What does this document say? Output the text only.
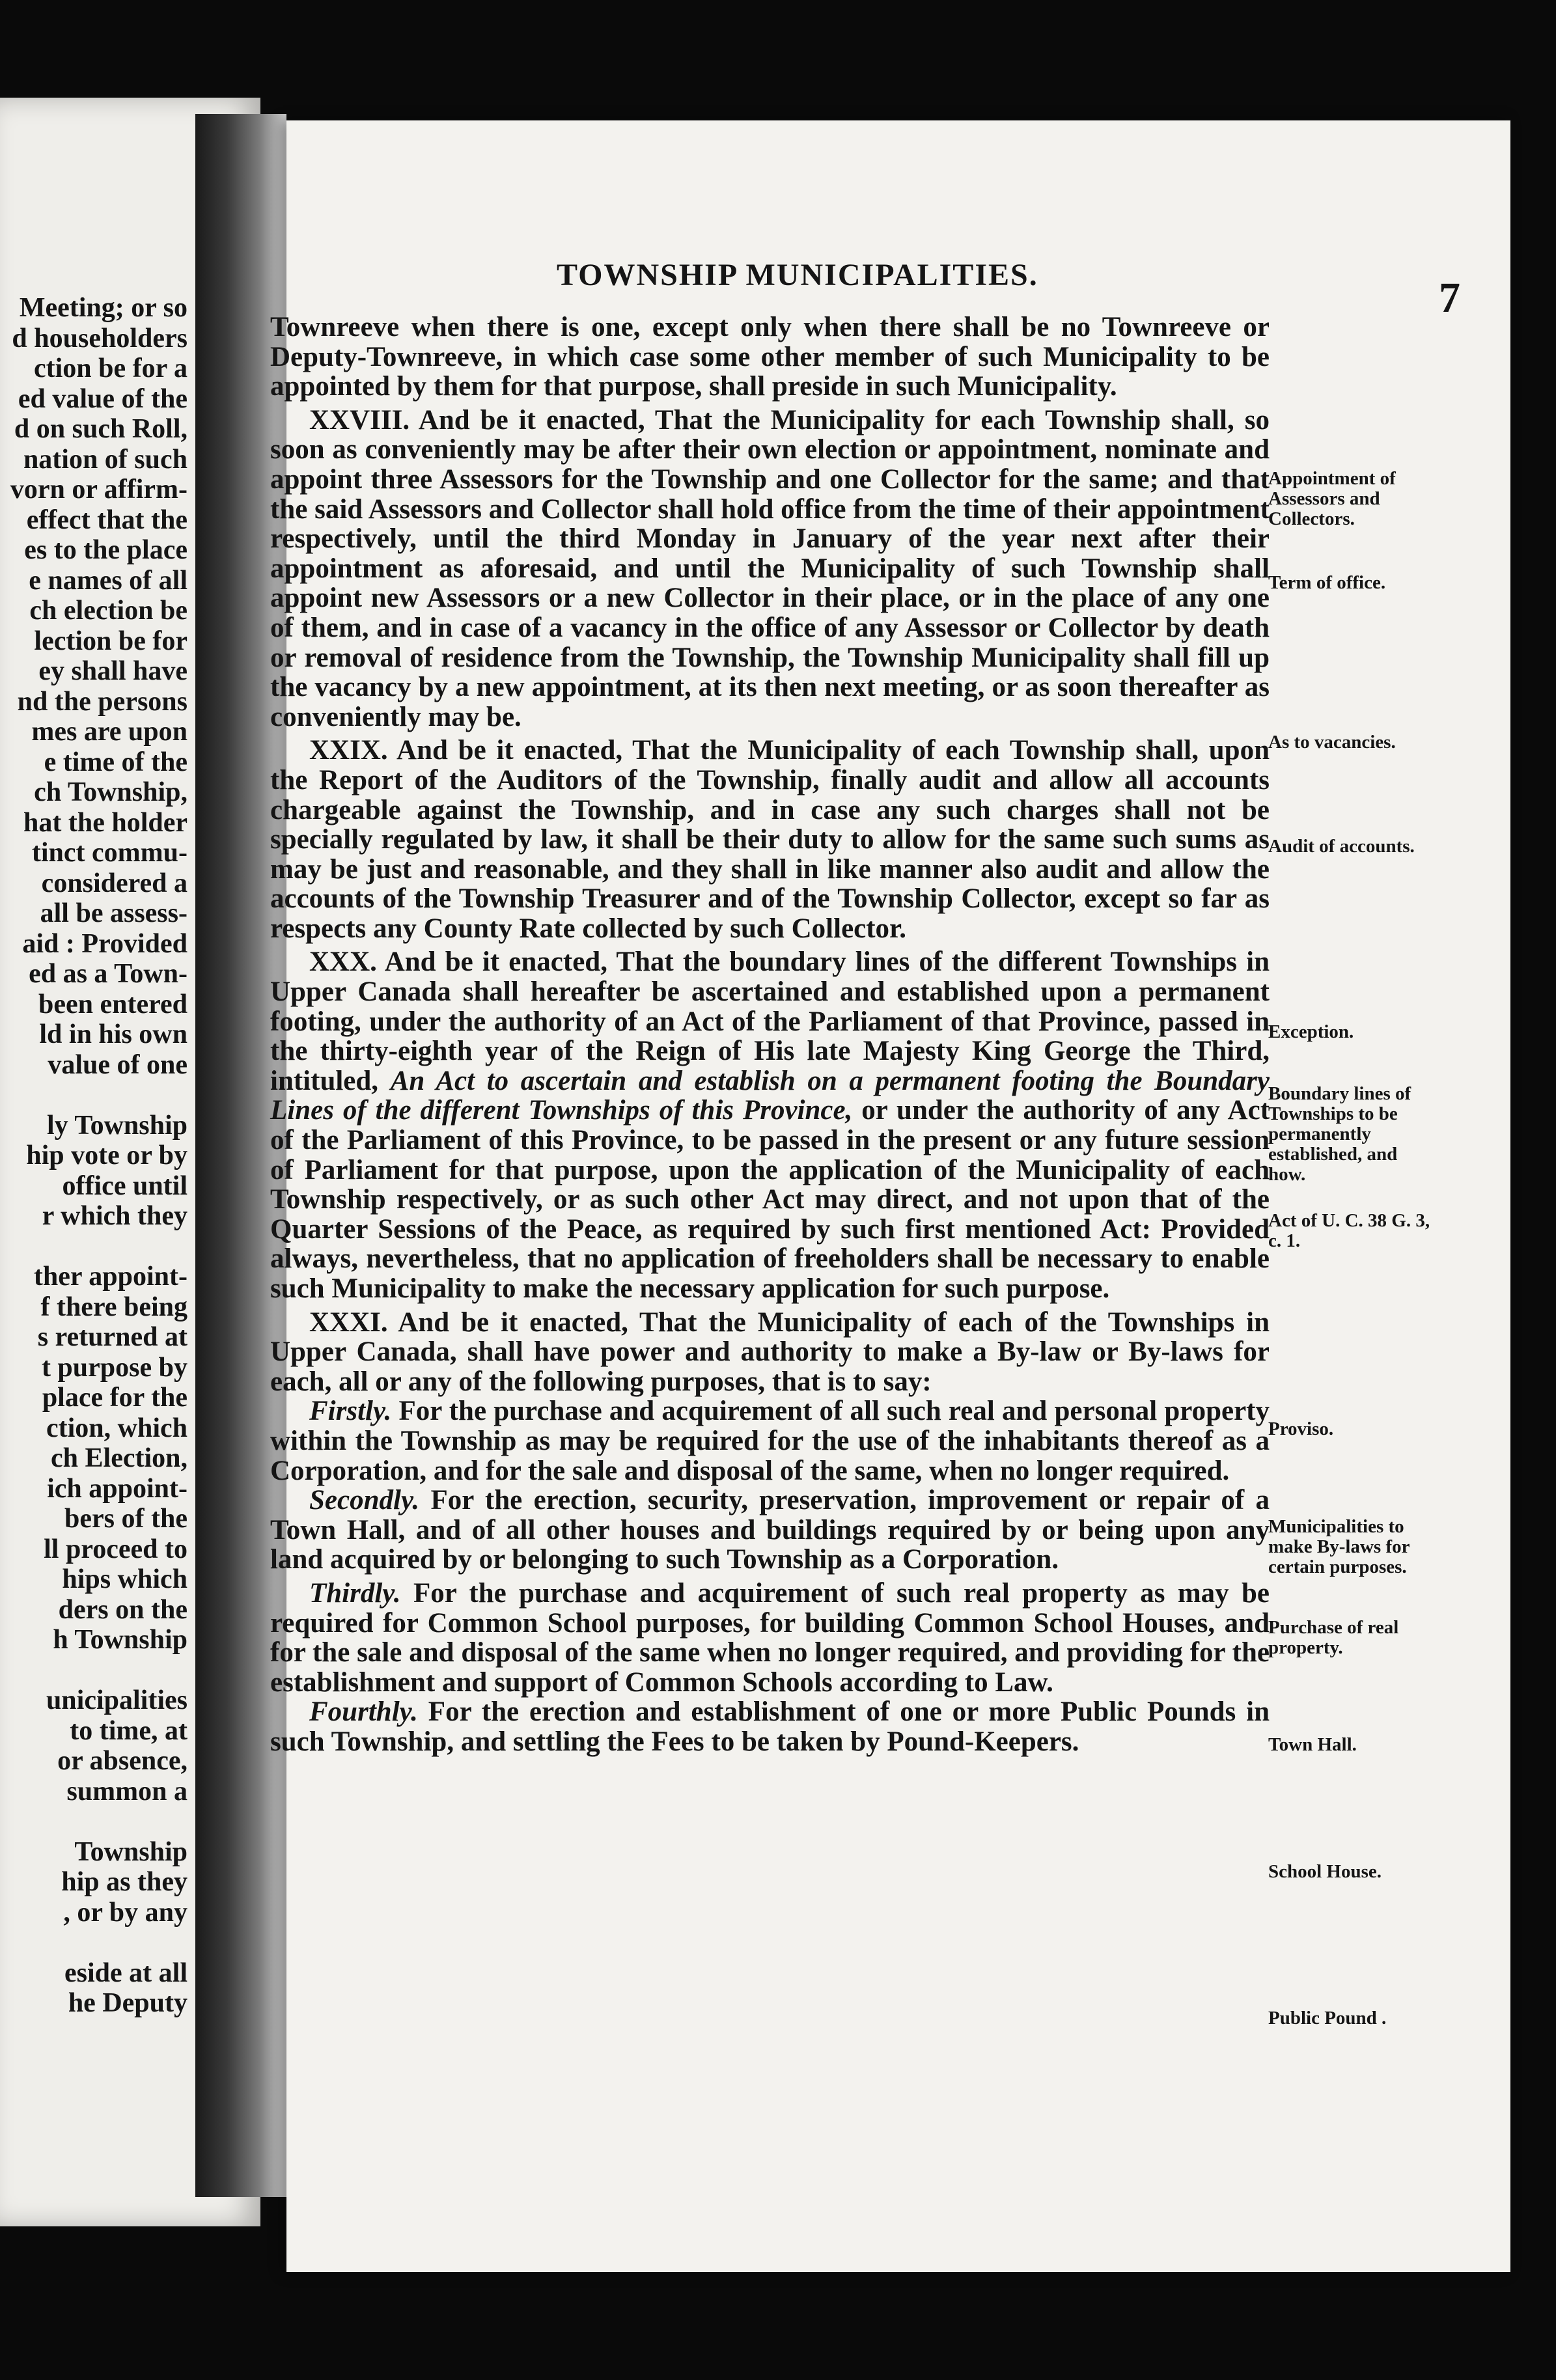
Meeting; or so
d householders
ction be for a
ed value of the
d on such Roll,
nation of such
vorn or affirm-
effect that the
es to the place
e names of all
ch election be
lection be for
ey shall have
nd the persons
mes are upon
e time of the
ch Township,
hat the holder
tinct commu-
considered a
all be assess-
aid : Provided
ed as a Town-
been entered
ld in his own
value of one
ly Township
hip vote or by
office until
r which they
ther appoint-
f there being
s returned at
t purpose by
place for the
ction, which
ch Election,
ich appoint-
bers of the
ll proceed to
hips which
ders on the
h Township
unicipalities
to time, at
or absence,
summon a
Township
hip as they
, or by any
eside at all
he Deputy
TOWNSHIP MUNICIPALITIES.	7

Townreeve when there is one, except only when there shall be no Townreeve or Deputy-Townreeve, in which case some other member of such Municipality to be appointed by them for that purpose, shall preside in such Municipality.

XXVIII. And be it enacted, That the Municipality for each Township shall, so soon as conveniently may be after their own election or appointment, nominate and appoint three Assessors for the Township and one Collector for the same; and that the said Assessors and Collector shall hold office from the time of their appointment respectively, until the third Monday in January of the year next after their appointment as aforesaid, and until the Municipality of such Township shall appoint new Assessors or a new Collector in their place, or in the place of any one of them, and in case of a vacancy in the office of any Assessor or Collector by death or removal of residence from the Township, the Township Municipality shall fill up the vacancy by a new appointment, at its then next meeting, or as soon thereafter as conveniently may be.

XXIX. And be it enacted, That the Municipality of each Township shall, upon the Report of the Auditors of the Township, finally audit and allow all accounts chargeable against the Township, and in case any such charges shall not be specially regulated by law, it shall be their duty to allow for the same such sums as may be just and reasonable, and they shall in like manner also audit and allow the accounts of the Township Treasurer and of the Township Collector, except so far as respects any County Rate collected by such Collector.

XXX. And be it enacted, That the boundary lines of the different Townships in Upper Canada shall hereafter be ascertained and established upon a permanent footing, under the authority of an Act of the Parliament of that Province, passed in the thirty-eighth year of the Reign of His late Majesty King George the Third, intituled, An Act to ascertain and establish on a permanent footing the Boundary Lines of the different Townships of this Province, or under the authority of any Act of the Parliament of this Province, to be passed in the present or any future session of Parliament for that purpose, upon the application of the Municipality of each Township respectively, or as such other Act may direct, and not upon that of the Quarter Sessions of the Peace, as required by such first mentioned Act: Provided always, nevertheless, that no application of freeholders shall be necessary to enable such Municipality to make the necessary application for such purpose.

XXXI. And be it enacted, That the Municipality of each of the Townships in Upper Canada, shall have power and authority to make a By-law or By-laws for each, all or any of the following purposes, that is to say:

Firstly. For the purchase and acquirement of all such real and personal property within the Township as may be required for the use of the inhabitants thereof as a Corporation, and for the sale and disposal of the same, when no longer required.

Secondly. For the erection, security, preservation, improvement or repair of a Town Hall, and of all other houses and buildings required by or being upon any land acquired by or belonging to such Township as a Corporation.

Thirdly. For the purchase and acquirement of such real property as may be required for Common School purposes, for building Common School Houses, and for the sale and disposal of the same when no longer required, and providing for the establishment and support of Common Schools according to Law.

Fourthly. For the erection and establishment of one or more Public Pounds in such Township, and settling the Fees to be taken by Pound-Keepers.

Appointment of Assessors and Collectors.
Term of office.
As to vacancies.
Audit of accounts.
Exception.
Boundary lines of Townships to be permanently established, and how.
Act of U. C. 38 G. 3, c. 1.
Proviso.
Municipalities to make By-laws for certain purposes.
Purchase of real property.
Town Hall.
School House.
Public Pound .
